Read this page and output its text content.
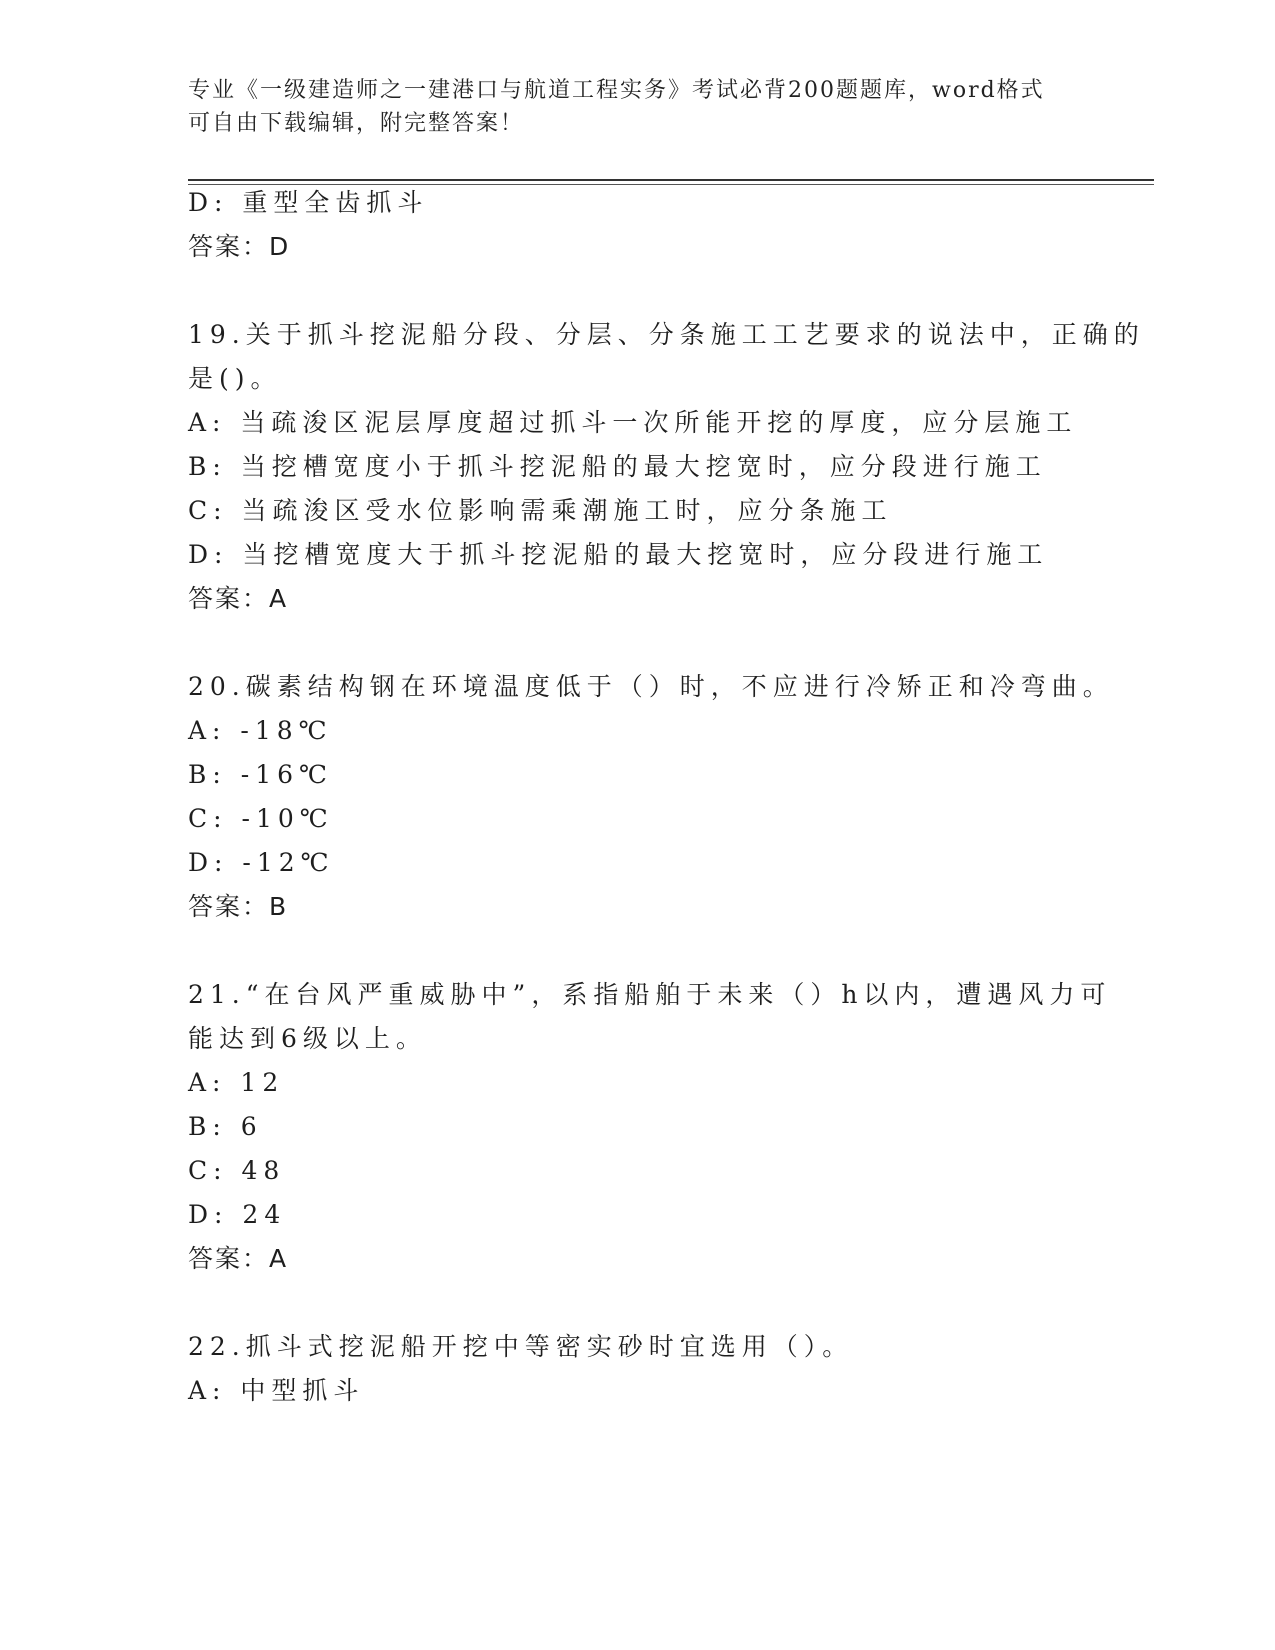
专业《一级建造师之一建港口与航道工程实务》考试必背200题题库，word格式
可自由下载编辑，附完整答案！
D: 重型全齿抓斗
答案：D
19.关于抓斗挖泥船分段、分层、分条施工工艺要求的说法中，正确的
是()。
A: 当疏浚区泥层厚度超过抓斗一次所能开挖的厚度，应分层施工
B: 当挖槽宽度小于抓斗挖泥船的最大挖宽时，应分段进行施工
C: 当疏浚区受水位影响需乘潮施工时，应分条施工
D: 当挖槽宽度大于抓斗挖泥船的最大挖宽时，应分段进行施工
答案：A
20.碳素结构钢在环境温度低于（）时，不应进行冷矫正和冷弯曲。
A: -18℃
B: -16℃
C: -10℃
D: -12℃
答案：B
21.“在台风严重威胁中”，系指船舶于未来（）h以内，遭遇风力可
能达到6级以上。
A: 12
B: 6
C: 48
D: 24
答案：A
22.抓斗式挖泥船开挖中等密实砂时宜选用（）。
A: 中型抓斗
